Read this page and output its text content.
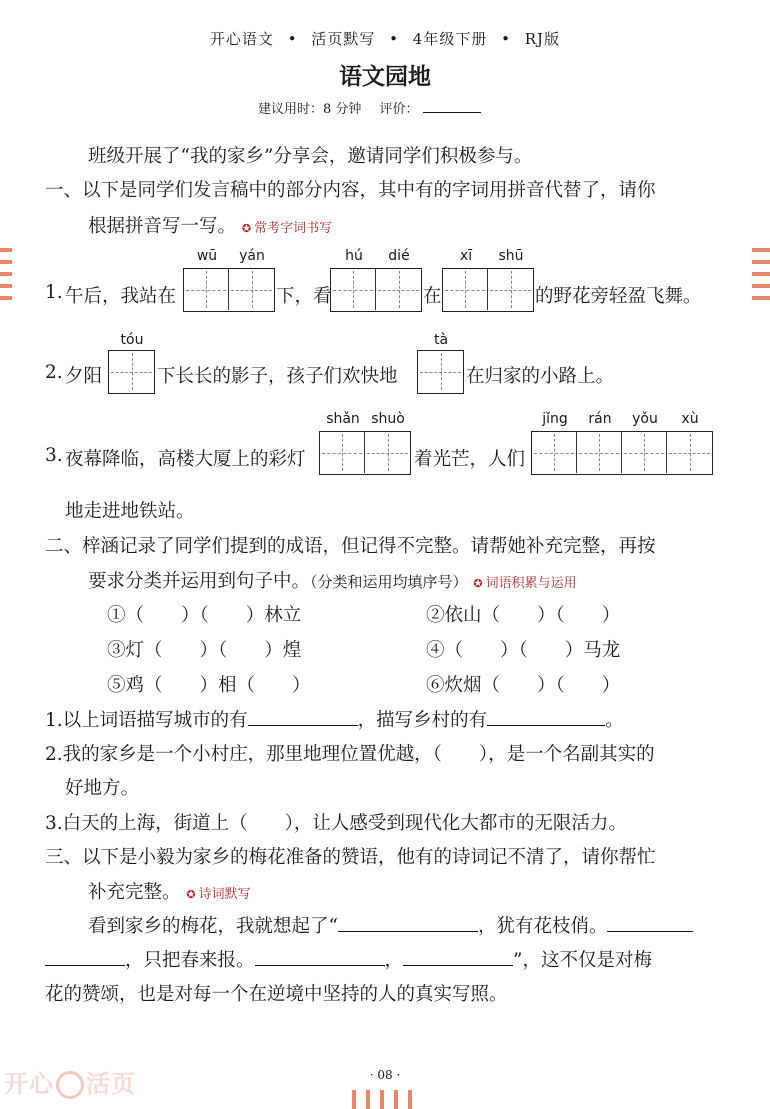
开心语文 • 活页默写 • 4年级下册 • RJ版
语文园地
建议用时：8 分钟 评价：
班级开展了“我的家乡”分享会，邀请同学们积极参与。
一、以下是同学们发言稿中的部分内容，其中有的字词用拼音代替了，请你
根据拼音写一写。 ✪ 常考字词书写
wū	yán	hú	dié	xī	shū
1. 午后，我站在	下，看	在	的野花旁轻盈飞舞。
tóu	tà
2. 夕阳	下长长的影子，孩子们欢快地	在归家的小路上。
shǎn shuò	jǐng	rán	yǒu	xù
3. 夜幕降临，高楼大厦上的彩灯	着光芒，人们
地走进地铁站。
二、梓涵记录了同学们提到的成语，但记得不完整。请帮她补充完整，再按
要求分类并运用到句子中。（分类和运用均填序号） ✪ 词语积累与运用
①（　　）（　　）林立	②依山（　　）（　　）
③灯（　　）（　　）煌	④（　　）（　　）马龙
⑤鸡（　　）相（　　）	⑥炊烟（　　）（　　）
1.以上词语描写城市的有	，描写乡村的有	。
2.我的家乡是一个小村庄，那里地理位置优越，（　　），是一个名副其实的
好地方。
3.白天的上海，街道上（　　），让人感受到现代化大都市的无限活力。
三、以下是小毅为家乡的梅花准备的赞语，他有的诗词记不清了，请你帮忙
补充完整。 ✪ 诗词默写
看到家乡的梅花，我就想起了“	，犹有花枝俏。
，只把春来报。	，	”，这不仅是对梅
花的赞颂，也是对每一个在逆境中坚持的人的真实写照。
· 08 ·
开心 活页
